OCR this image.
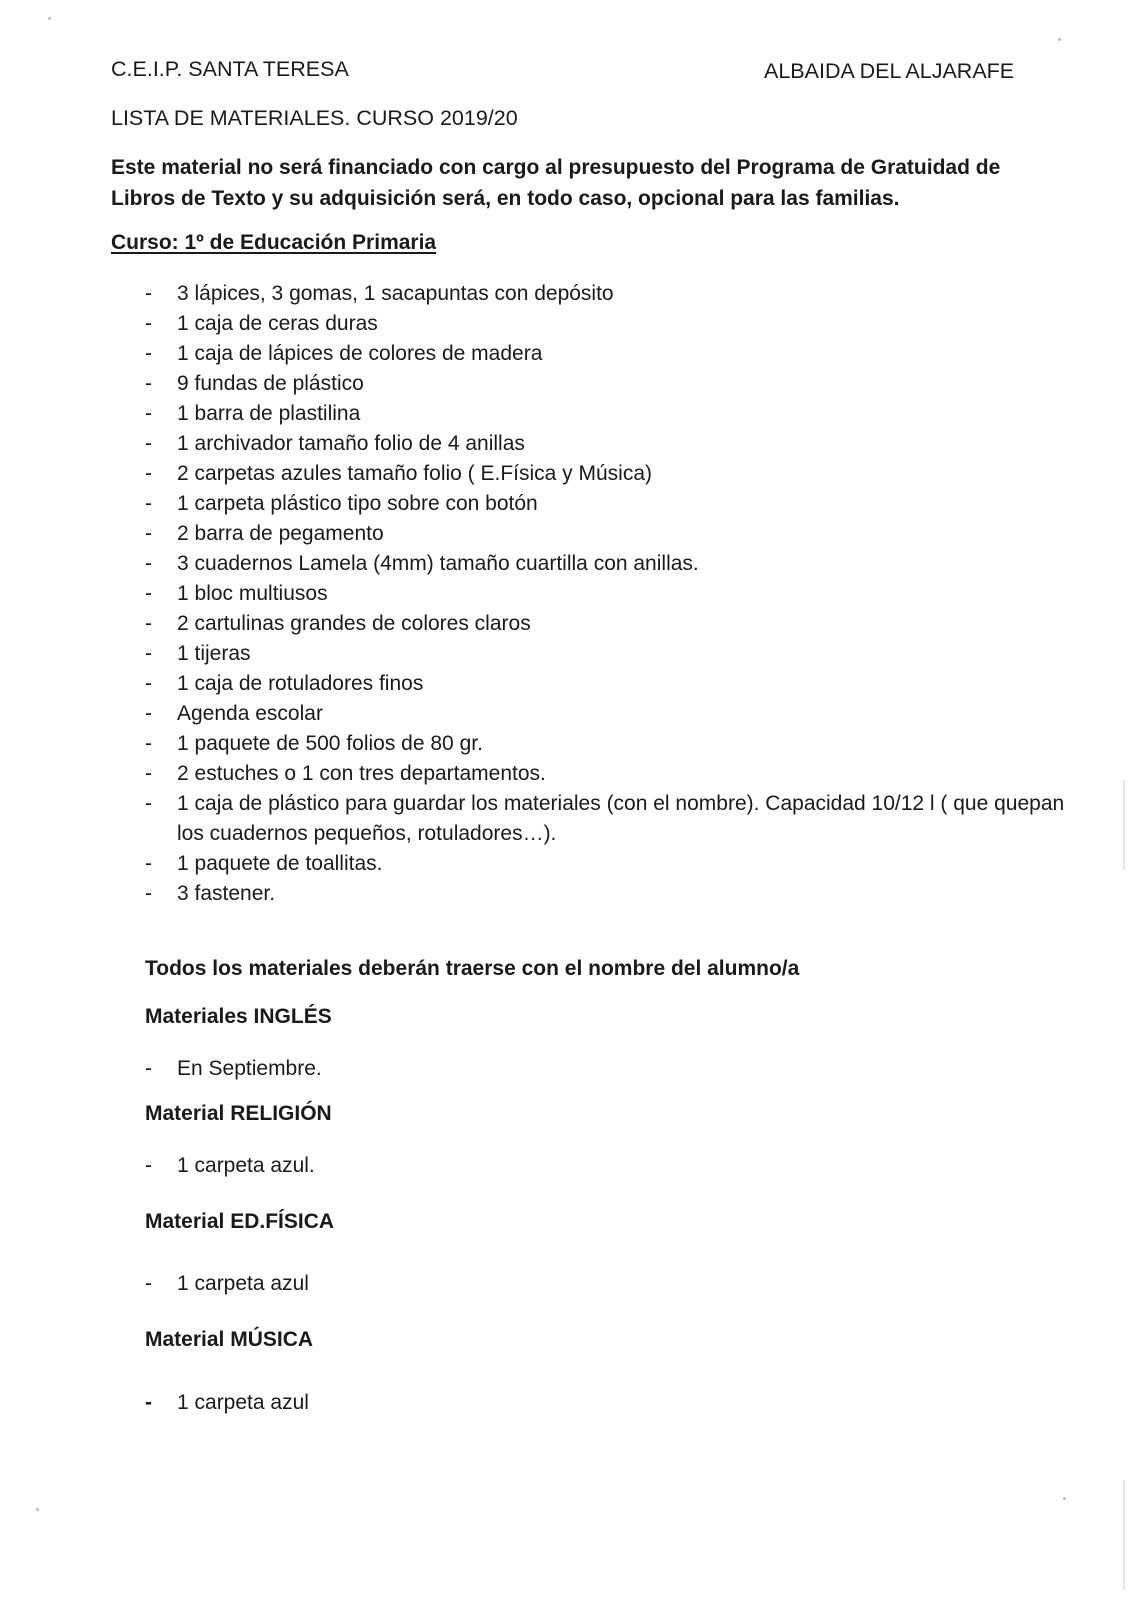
C.E.I.P. SANTA TERESA	ALBAIDA DEL ALJARAFE
LISTA DE MATERIALES. CURSO 2019/20
Este material no será financiado con cargo al presupuesto del Programa de Gratuidad de Libros de Texto y su adquisición será, en todo caso, opcional para las familias.
Curso: 1º de Educación Primaria
- 3 lápices, 3 gomas, 1 sacapuntas con depósito
- 1 caja de ceras duras
- 1 caja de lápices de colores de madera
- 9 fundas de plástico
- 1 barra de plastilina
- 1 archivador tamaño folio de 4 anillas
- 2 carpetas azules tamaño folio ( E.Física y Música)
- 1 carpeta plástico tipo sobre con botón
- 2 barra de pegamento
- 3 cuadernos Lamela (4mm) tamaño cuartilla con anillas.
- 1 bloc multiusos
- 2 cartulinas grandes de colores claros
- 1 tijeras
- 1 caja de rotuladores finos
- Agenda escolar
- 1 paquete de 500 folios de 80 gr.
- 2 estuches o 1 con tres departamentos.
- 1 caja de plástico para guardar los materiales (con el nombre). Capacidad 10/12 l ( que quepan los cuadernos pequeños, rotuladores…).
- 1 paquete de toallitas.
- 3 fastener.
Todos los materiales deberán traerse con el nombre del alumno/a
Materiales INGLÉS
- En Septiembre.
Material RELIGIÓN
- 1 carpeta azul.
Material ED.FÍSICA
- 1 carpeta azul
Material MÚSICA
- 1 carpeta azul
